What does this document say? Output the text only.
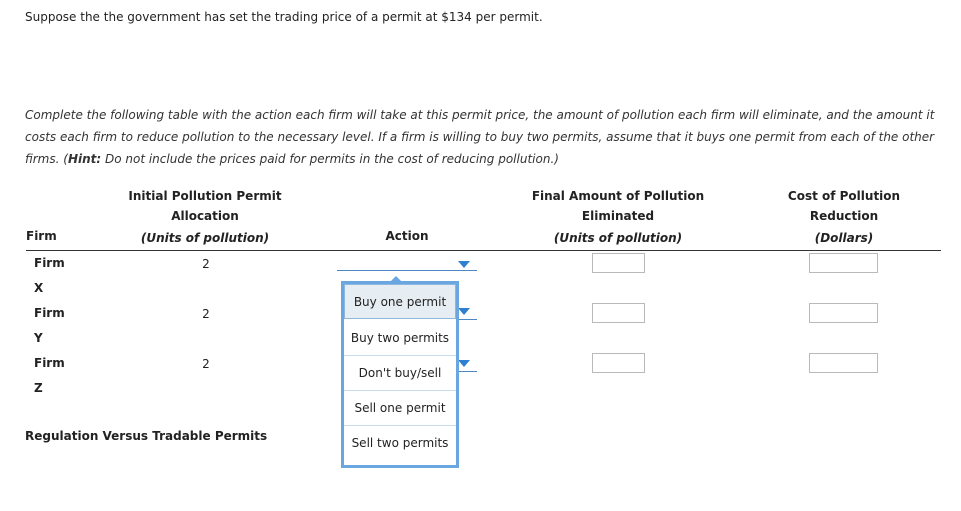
Suppose the the government has set the trading price of a permit at $134 per permit.
Complete the following table with the action each firm will take at this permit price, the amount of pollution each firm will eliminate, and the amount it costs each firm to reduce pollution to the necessary level. If a firm is willing to buy two permits, assume that it buys one permit from each of the other firms. (Hint: Do not include the prices paid for permits in the cost of reducing pollution.)
Firm
Initial Pollution Permit
Allocation
(Units of pollution)	Action
Final Amount of Pollution
Eliminated
(Units of pollution)
Cost of Pollution
Reduction
(Dollars)
Firm
X
2
Firm
Y
2
Firm
Z
2
Regulation Versus Tradable Permits
Buy one permit
Buy two permits
Don't buy/sell
Sell one permit
Sell two permits
